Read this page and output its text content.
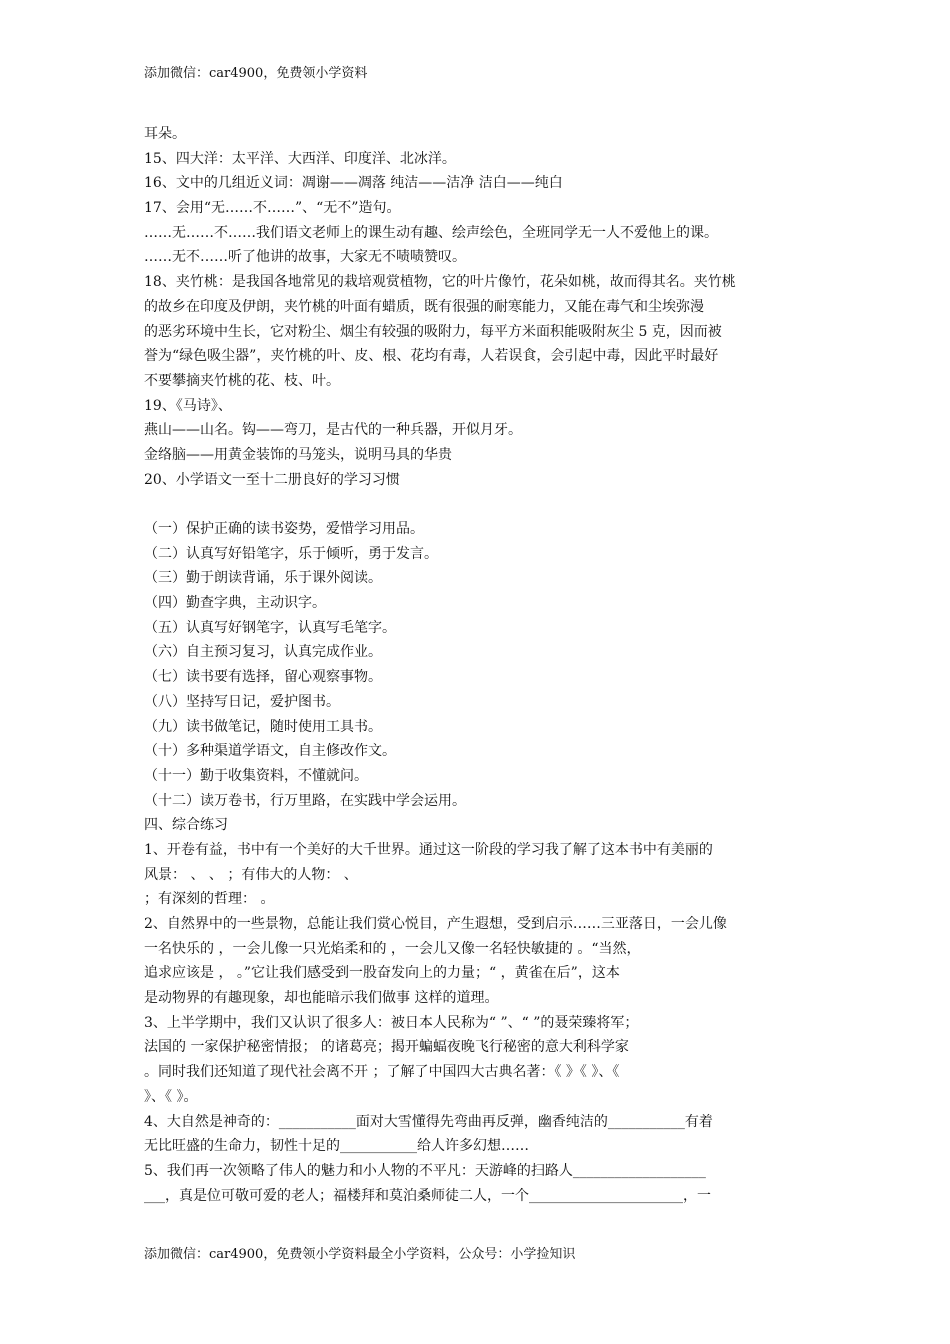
添加微信：car4900，免费领小学资料
耳朵。
15、四大洋：太平洋、大西洋、印度洋、北冰洋。
16、文中的几组近义词：凋谢——凋落 纯洁——洁净 洁白——纯白
17、会用“无……不……”、“无不”造句。
……无……不……我们语文老师上的课生动有趣、绘声绘色，全班同学无一人不爱他上的课。
……无不……听了他讲的故事，大家无不啧啧赞叹。
18、夹竹桃：是我国各地常见的栽培观赏植物，它的叶片像竹，花朵如桃，故而得其名。夹竹桃
的故乡在印度及伊朗，夹竹桃的叶面有蜡质，既有很强的耐寒能力，又能在毒气和尘埃弥漫
的恶劣环境中生长，它对粉尘、烟尘有较强的吸附力，每平方米面积能吸附灰尘 5 克，因而被
誉为“绿色吸尘器”，夹竹桃的叶、皮、根、花均有毒，人若误食，会引起中毒，因此平时最好
不要攀摘夹竹桃的花、枝、叶。
19、《马诗》、
燕山——山名。钩——弯刀，是古代的一种兵器，开似月牙。
金络脑——用黄金装饰的马笼头，说明马具的华贵
20、小学语文一至十二册良好的学习习惯
（一）保护正确的读书姿势，爱惜学习用品。
（二）认真写好铅笔字，乐于倾听，勇于发言。
（三）勤于朗读背诵，乐于课外阅读。
（四）勤查字典，主动识字。
（五）认真写好钢笔字，认真写毛笔字。
（六）自主预习复习，认真完成作业。
（七）读书要有选择，留心观察事物。
（八）坚持写日记，爱护图书。
（九）读书做笔记，随时使用工具书。
（十）多种渠道学语文，自主修改作文。
（十一）勤于收集资料，不懂就问。
（十二）读万卷书，行万里路，在实践中学会运用。
四、综合练习
1、开卷有益，书中有一个美好的大千世界。通过这一阶段的学习我了解了这本书中有美丽的
风景： 、 、 ；有伟大的人物： 、
；有深刻的哲理： 。
2、自然界中的一些景物，总能让我们赏心悦目，产生遐想，受到启示……三亚落日，一会儿像
一名快乐的 ，一会儿像一只光焰柔和的 ，一会儿又像一名轻快敏捷的 。“当然，
追求应该是 ， 。”它让我们感受到一股奋发向上的力量；“ ，黄雀在后”，这本
是动物界的有趣现象，却也能暗示我们做事 这样的道理。
3、上半学期中，我们又认识了很多人：被日本人民称为“ ”、“ ”的聂荣臻将军；
法国的 一家保护秘密情报； 的诸葛亮；揭开蝙蝠夜晚飞行秘密的意大利科学家
。同时我们还知道了现代社会离不开 ；了解了中国四大古典名著：《 》《 》、《
》、《 》。
4、大自然是神奇的：___________面对大雪懂得先弯曲再反弹，幽香纯洁的___________有着
无比旺盛的生命力，韧性十足的___________给人许多幻想……
5、我们再一次领略了伟人的魅力和小人物的不平凡：天游峰的扫路人___________________
___，真是位可敬可爱的老人；福楼拜和莫泊桑师徒二人，一个______________________，一
添加微信：car4900，免费领小学资料最全小学资料，公众号：小学捡知识
